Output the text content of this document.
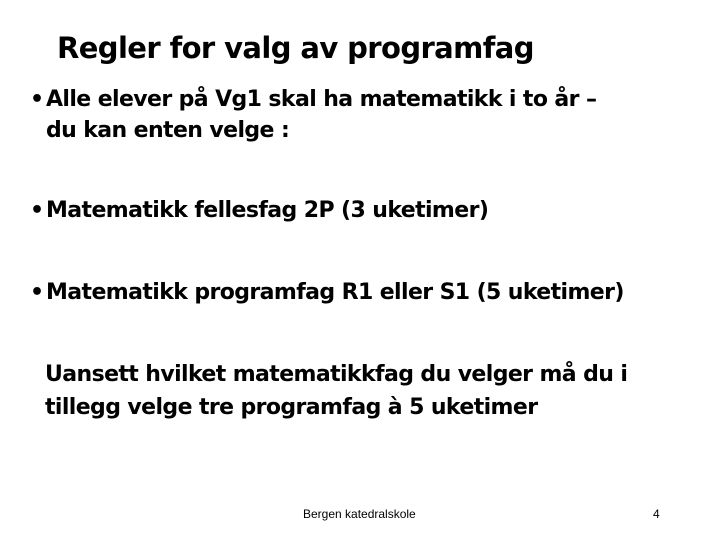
Regler for valg av programfag
• Alle elever på Vg1 skal ha matematikk i to år –
du kan enten velge :
• Matematikk fellesfag 2P (3 uketimer)
• Matematikk programfag R1 eller S1 (5 uketimer)
Uansett hvilket matematikkfag du velger må du i
tillegg velge tre programfag à 5 uketimer
Bergen katedralskole	4
